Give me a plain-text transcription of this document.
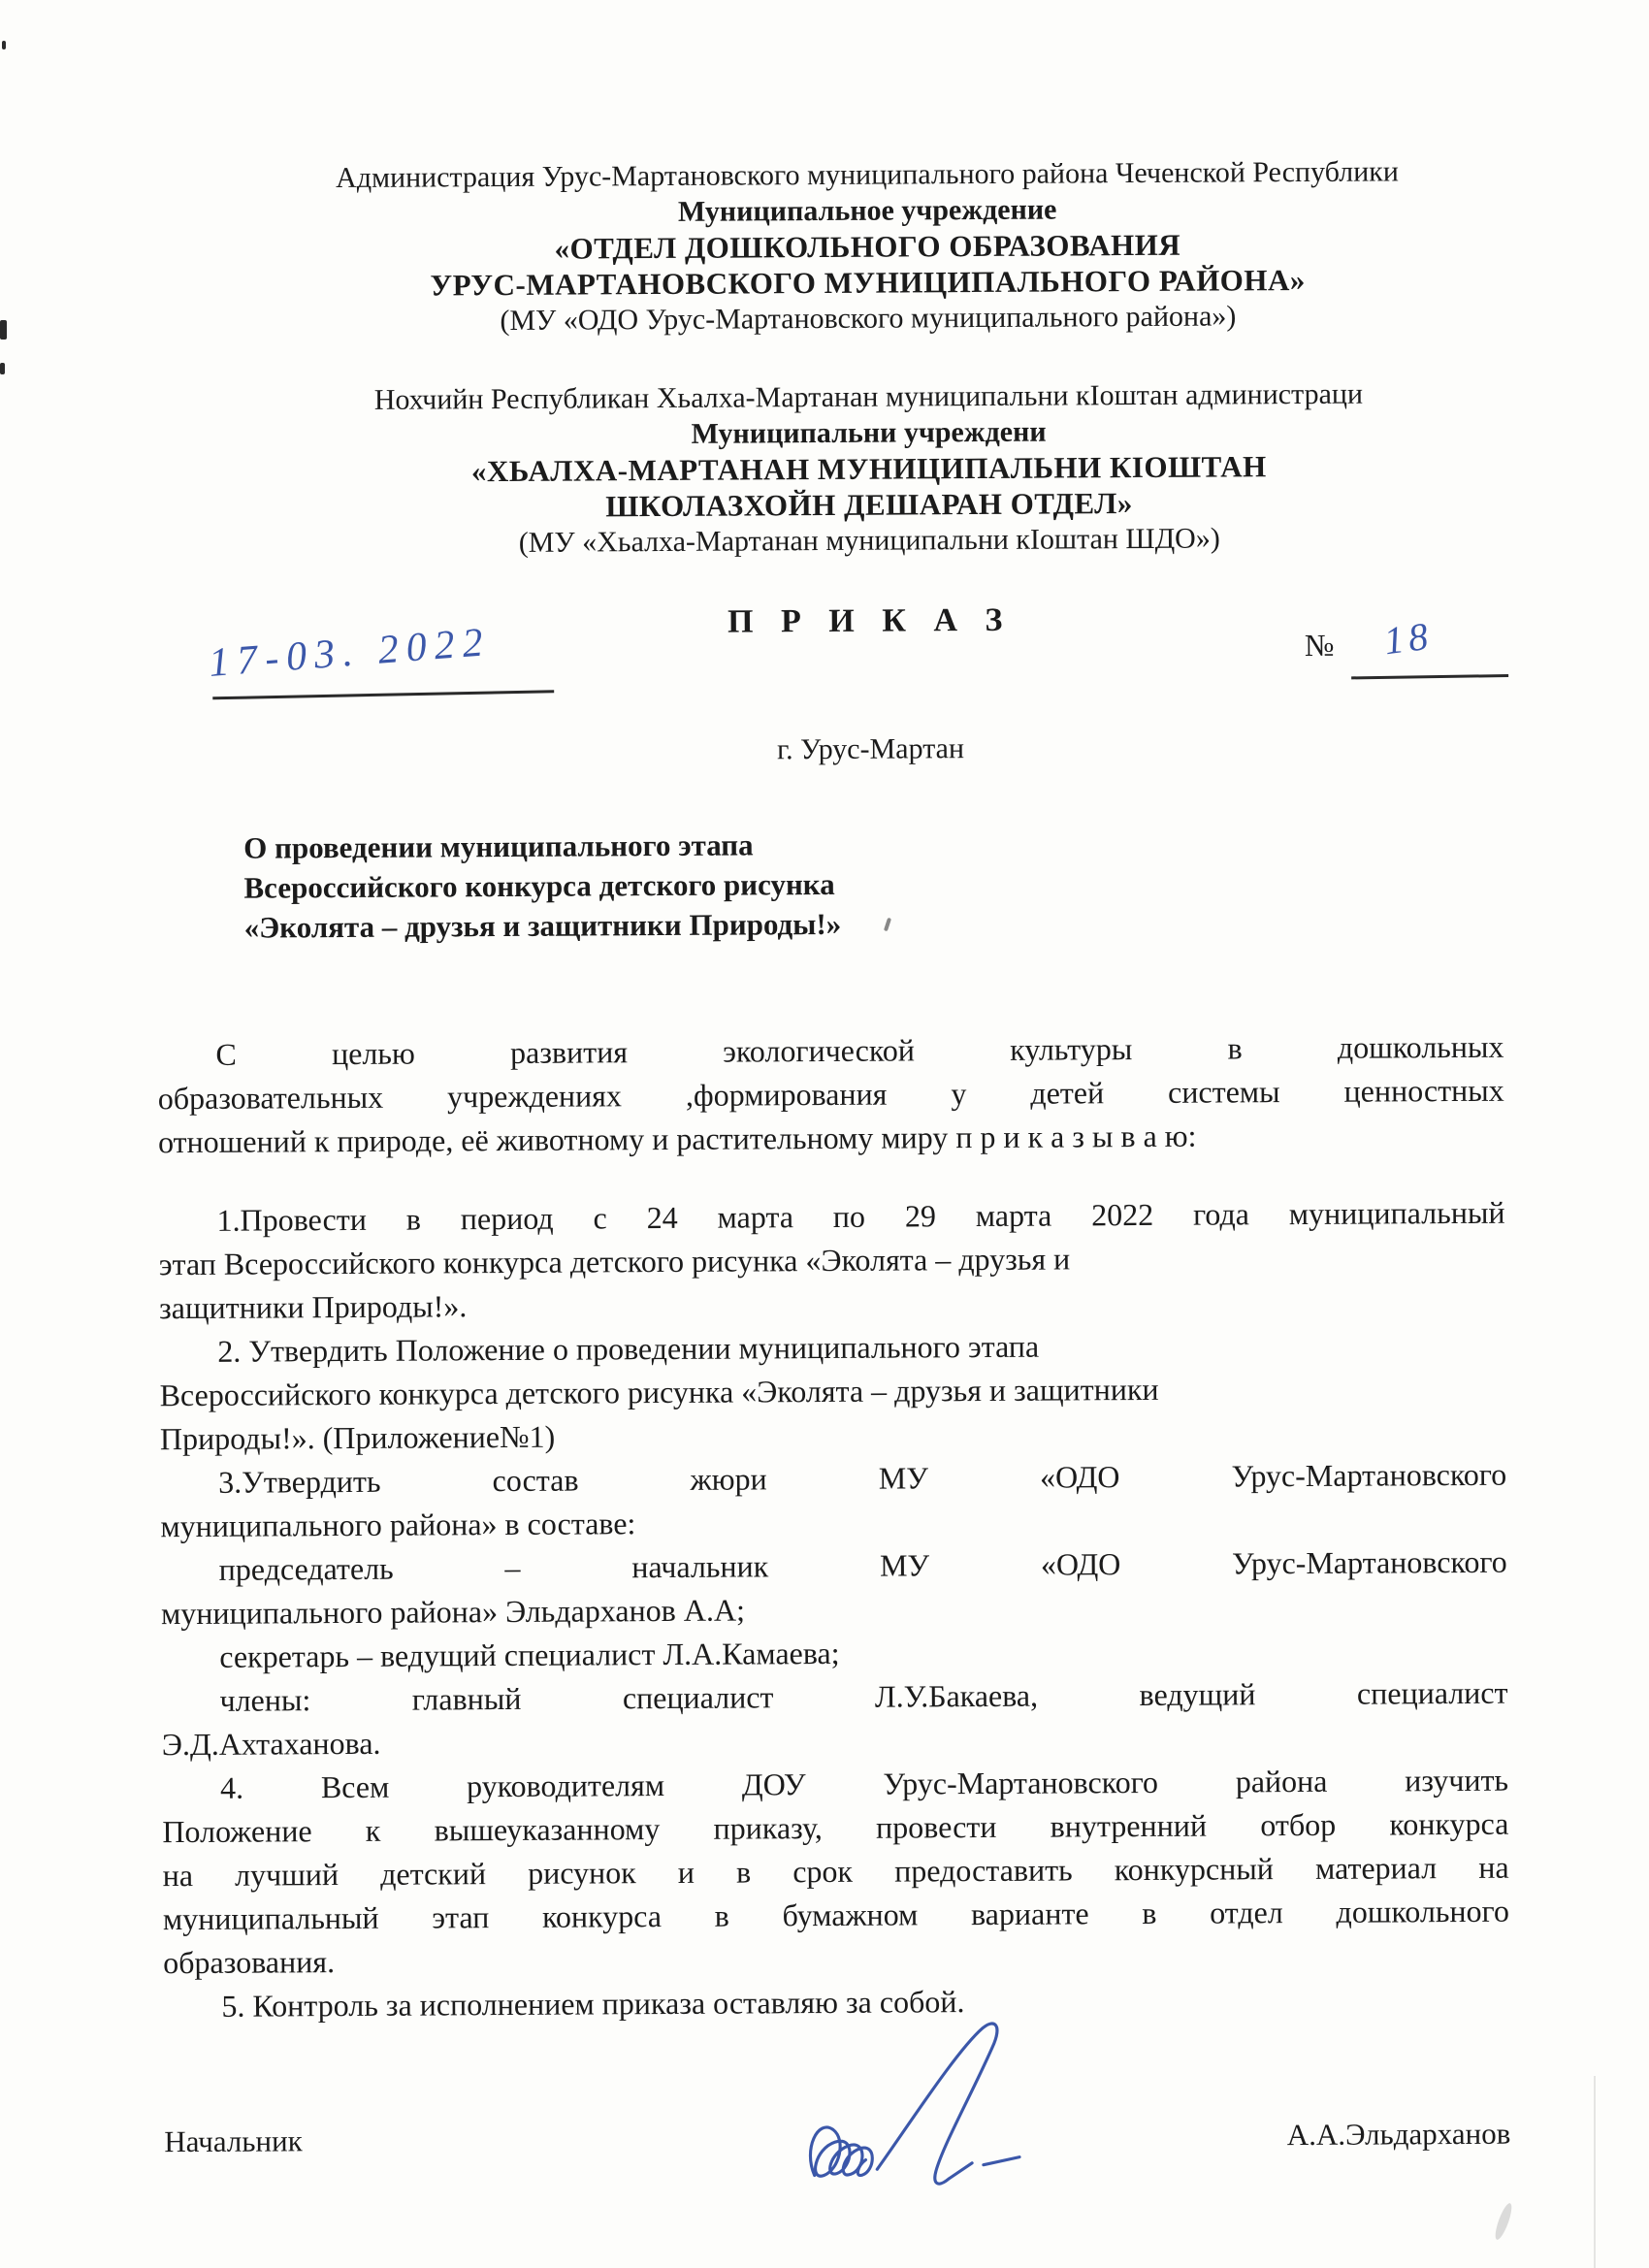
Администрация Урус-Мартановского муниципального района Чеченской Республики
Муниципальное учреждение
«ОТДЕЛ ДОШКОЛЬНОГО ОБРАЗОВАНИЯ
УРУС-МАРТАНОВСКОГО МУНИЦИПАЛЬНОГО РАЙОНА»
(МУ «ОДО Урус-Мартановского муниципального района»)
Нохчийн Республикан Хьалха-Мартанан муниципальни кIоштан администраци
Муниципальни учреждени
«ХЬАЛХА-МАРТАНАН МУНИЦИПАЛЬНИ КIОШТАН
ШКОЛАЗХОЙН ДЕШАРАН ОТДЕЛ»
(МУ «Хьалха-Мартанан муниципальни кIоштан ШДО»)
П Р И К А З
17-03. 2022	№ 18
г. Урус-Мартан
О проведении муниципального этапа
Всероссийского конкурса детского рисунка
«Эколята – друзья и защитники Природы!»
С целью развития экологической культуры в дошкольных
образовательных учреждениях ,формирования у детей системы ценностных
отношений к природе, её животному и растительному миру п р и к а з ы в а ю:
1.Провести в период с 24 марта по 29 марта 2022 года муниципальный
этап Всероссийского конкурса детского рисунка «Эколята – друзья и
защитники Природы!».
2. Утвердить Положение о проведении муниципального этапа
Всероссийского конкурса детского рисунка «Эколята – друзья и защитники
Природы!». (Приложение№1)
3.Утвердить состав жюри МУ «ОДО Урус-Мартановского
муниципального района» в составе:
председатель – начальник МУ «ОДО Урус-Мартановского
муниципального района» Эльдарханов А.А;
секретарь – ведущий специалист Л.А.Камаева;
члены: главный специалист Л.У.Бакаева, ведущий специалист
Э.Д.Ахтаханова.
4. Всем руководителям ДОУ Урус-Мартановского района изучить
Положение к вышеуказанному приказу, провести внутренний отбор конкурса
на лучший детский рисунок и в срок предоставить конкурсный материал на
муниципальный этап конкурса в бумажном варианте в отдел дошкольного
образования.
5. Контроль за исполнением приказа оставляю за собой.
Начальник	А.А.Эльдарханов
